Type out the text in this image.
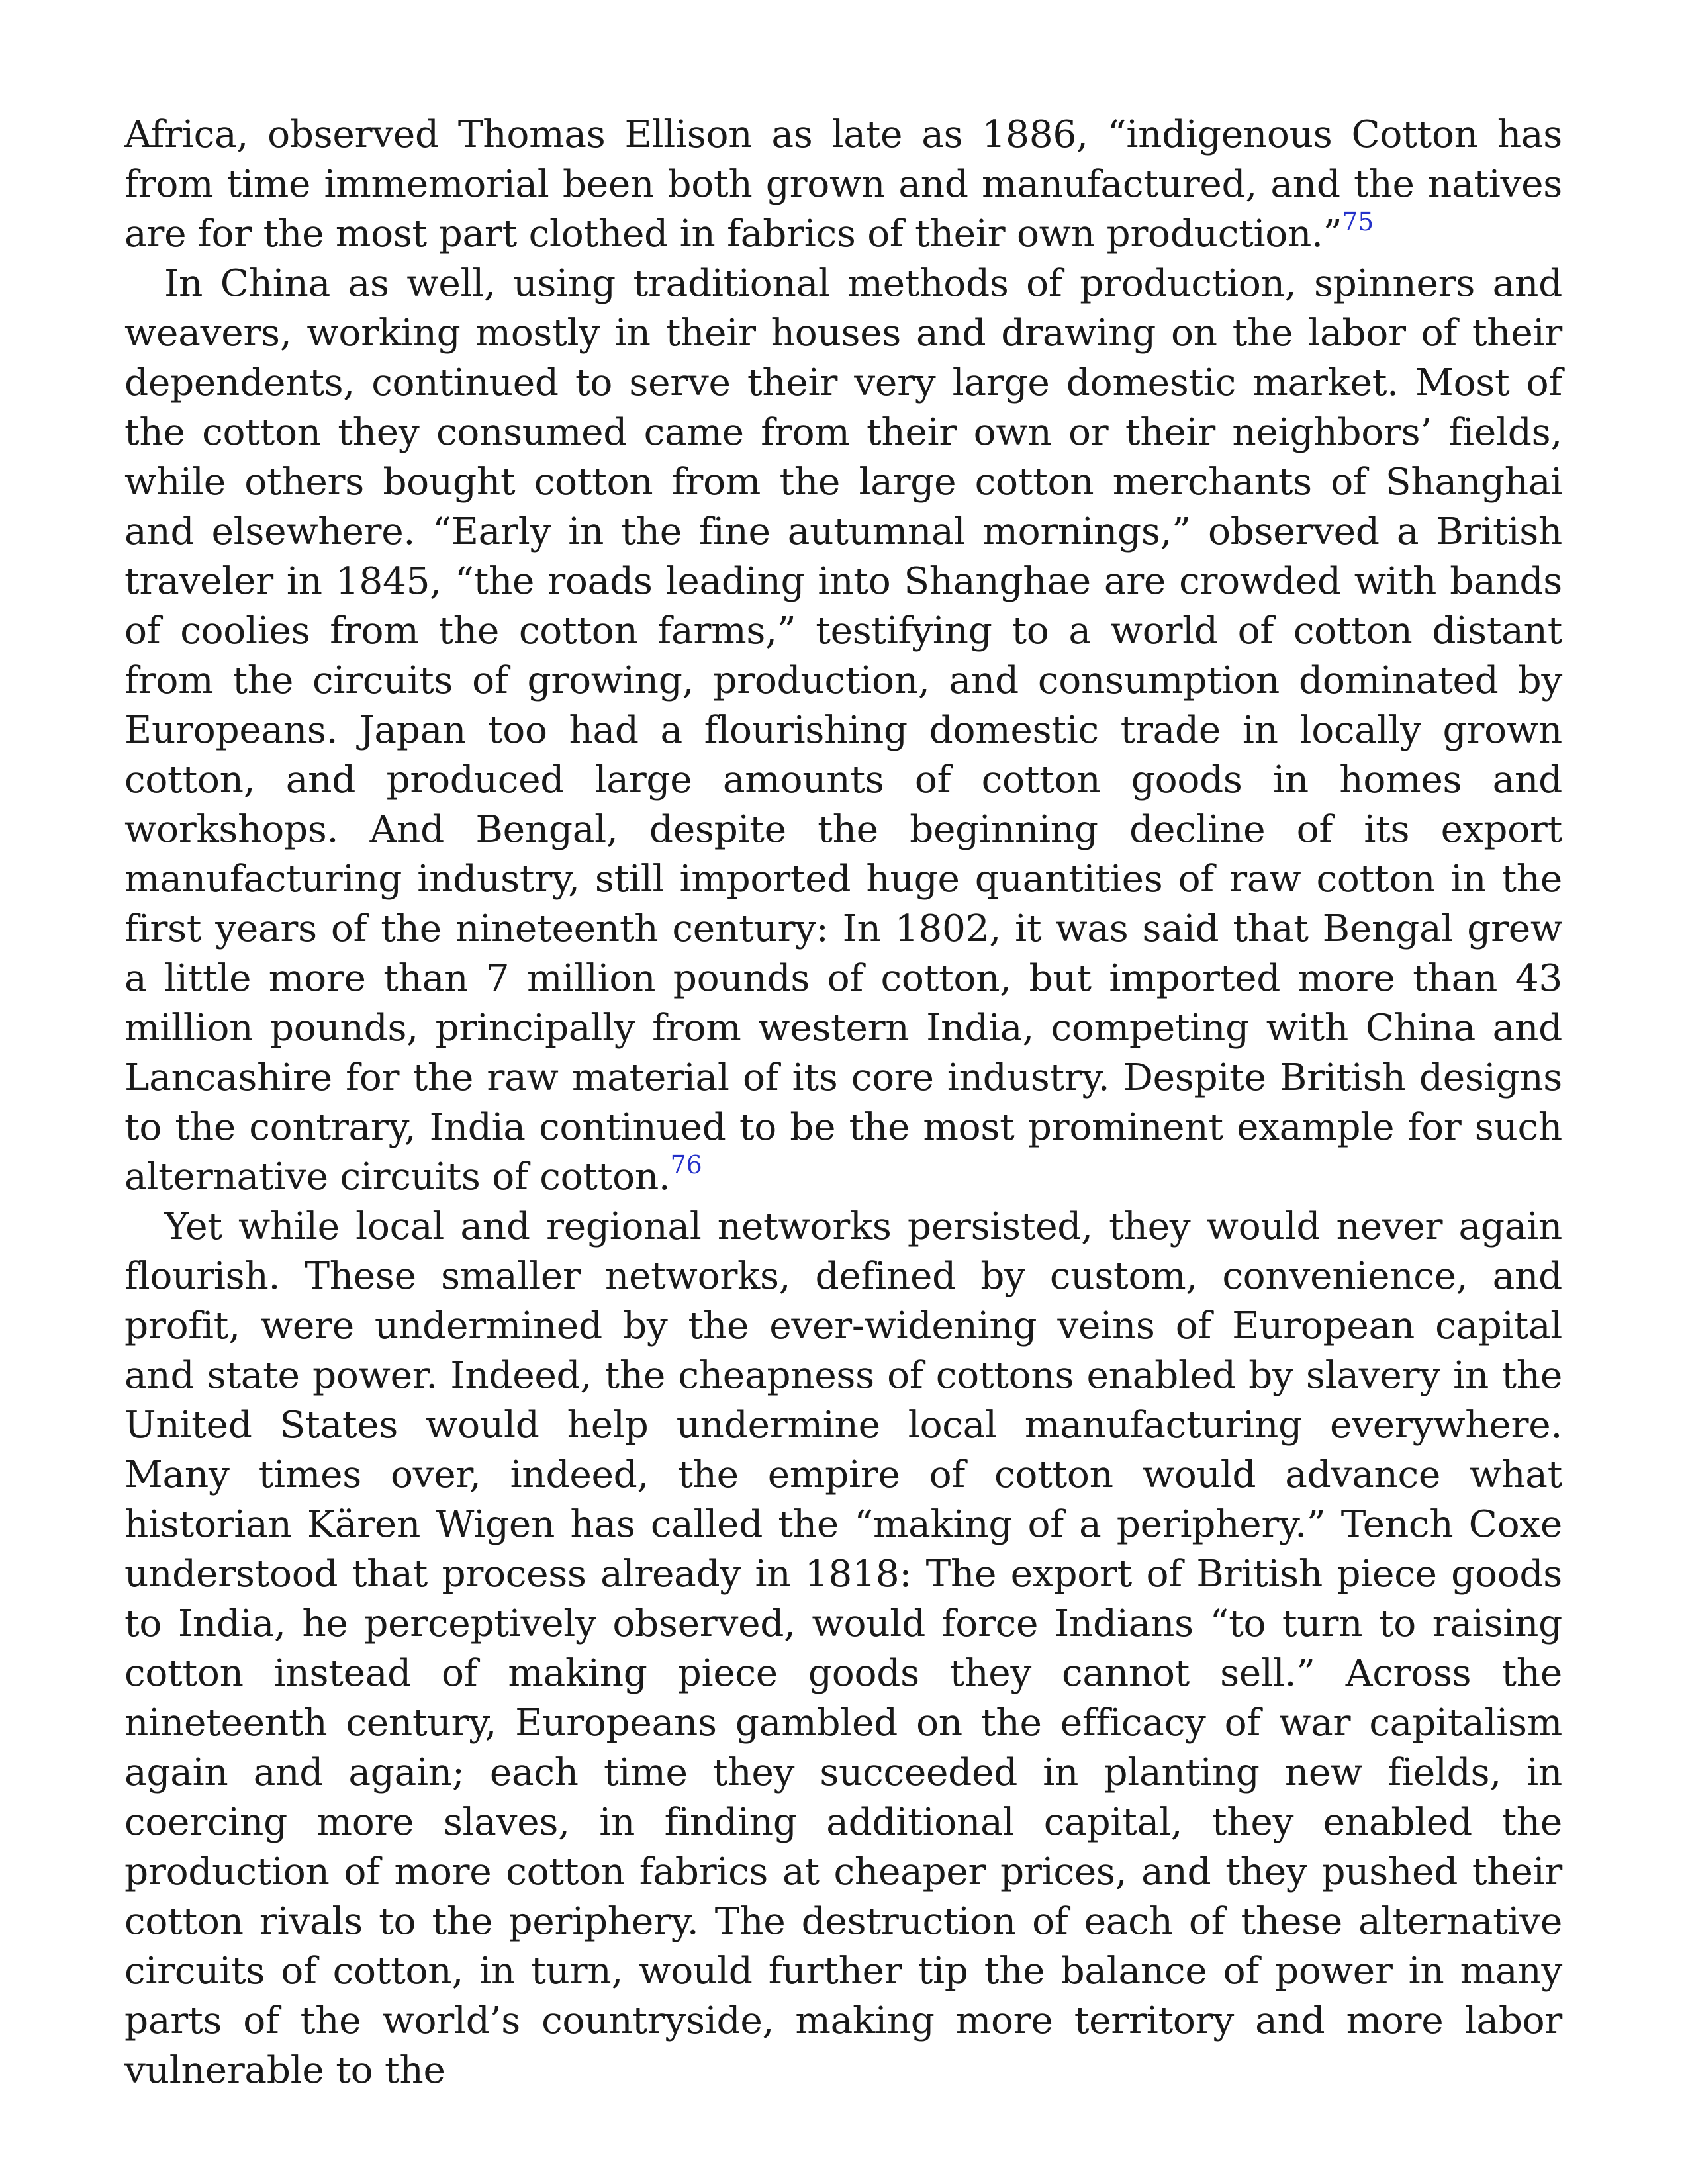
Africa, observed Thomas Ellison as late as 1886, “indigenous Cotton has from time immemorial been both grown and manufactured, and the natives are for the most part clothed in fabrics of their own production.”$^{75}$

In China as well, using traditional methods of production, spinners and weavers, working mostly in their houses and drawing on the labor of their dependents, continued to serve their very large domestic market. Most of the cotton they consumed came from their own or their neighbors’ fields, while others bought cotton from the large cotton merchants of Shanghai and elsewhere. “Early in the fine autumnal mornings,” observed a British traveler in 1845, “the roads leading into Shanghae are crowded with bands of coolies from the cotton farms,” testifying to a world of cotton distant from the circuits of growing, production, and consumption dominated by Europeans. Japan too had a flourishing domestic trade in locally grown cotton, and produced large amounts of cotton goods in homes and workshops. And Bengal, despite the beginning decline of its export manufacturing industry, still imported huge quantities of raw cotton in the first years of the nineteenth century: In 1802, it was said that Bengal grew a little more than 7 million pounds of cotton, but imported more than 43 million pounds, principally from western India, competing with China and Lancashire for the raw material of its core industry. Despite British designs to the contrary, India continued to be the most prominent example for such alternative circuits of cotton.$^{76}$

Yet while local and regional networks persisted, they would never again flourish. These smaller networks, defined by custom, convenience, and profit, were undermined by the ever-widening veins of European capital and state power. Indeed, the cheapness of cottons enabled by slavery in the United States would help undermine local manufacturing everywhere. Many times over, indeed, the empire of cotton would advance what historian Kären Wigen has called the “making of a periphery.” Tench Coxe understood that process already in 1818: The export of British piece goods to India, he perceptively observed, would force Indians “to turn to raising cotton instead of making piece goods they cannot sell.” Across the nineteenth century, Europeans gambled on the efficacy of war capitalism again and again; each time they succeeded in planting new fields, in coercing more slaves, in finding additional capital, they enabled the production of more cotton fabrics at cheaper prices, and they pushed their cotton rivals to the periphery. The destruction of each of these alternative circuits of cotton, in turn, would further tip the balance of power in many parts of the world’s countryside, making more territory and more labor vulnerable to the
